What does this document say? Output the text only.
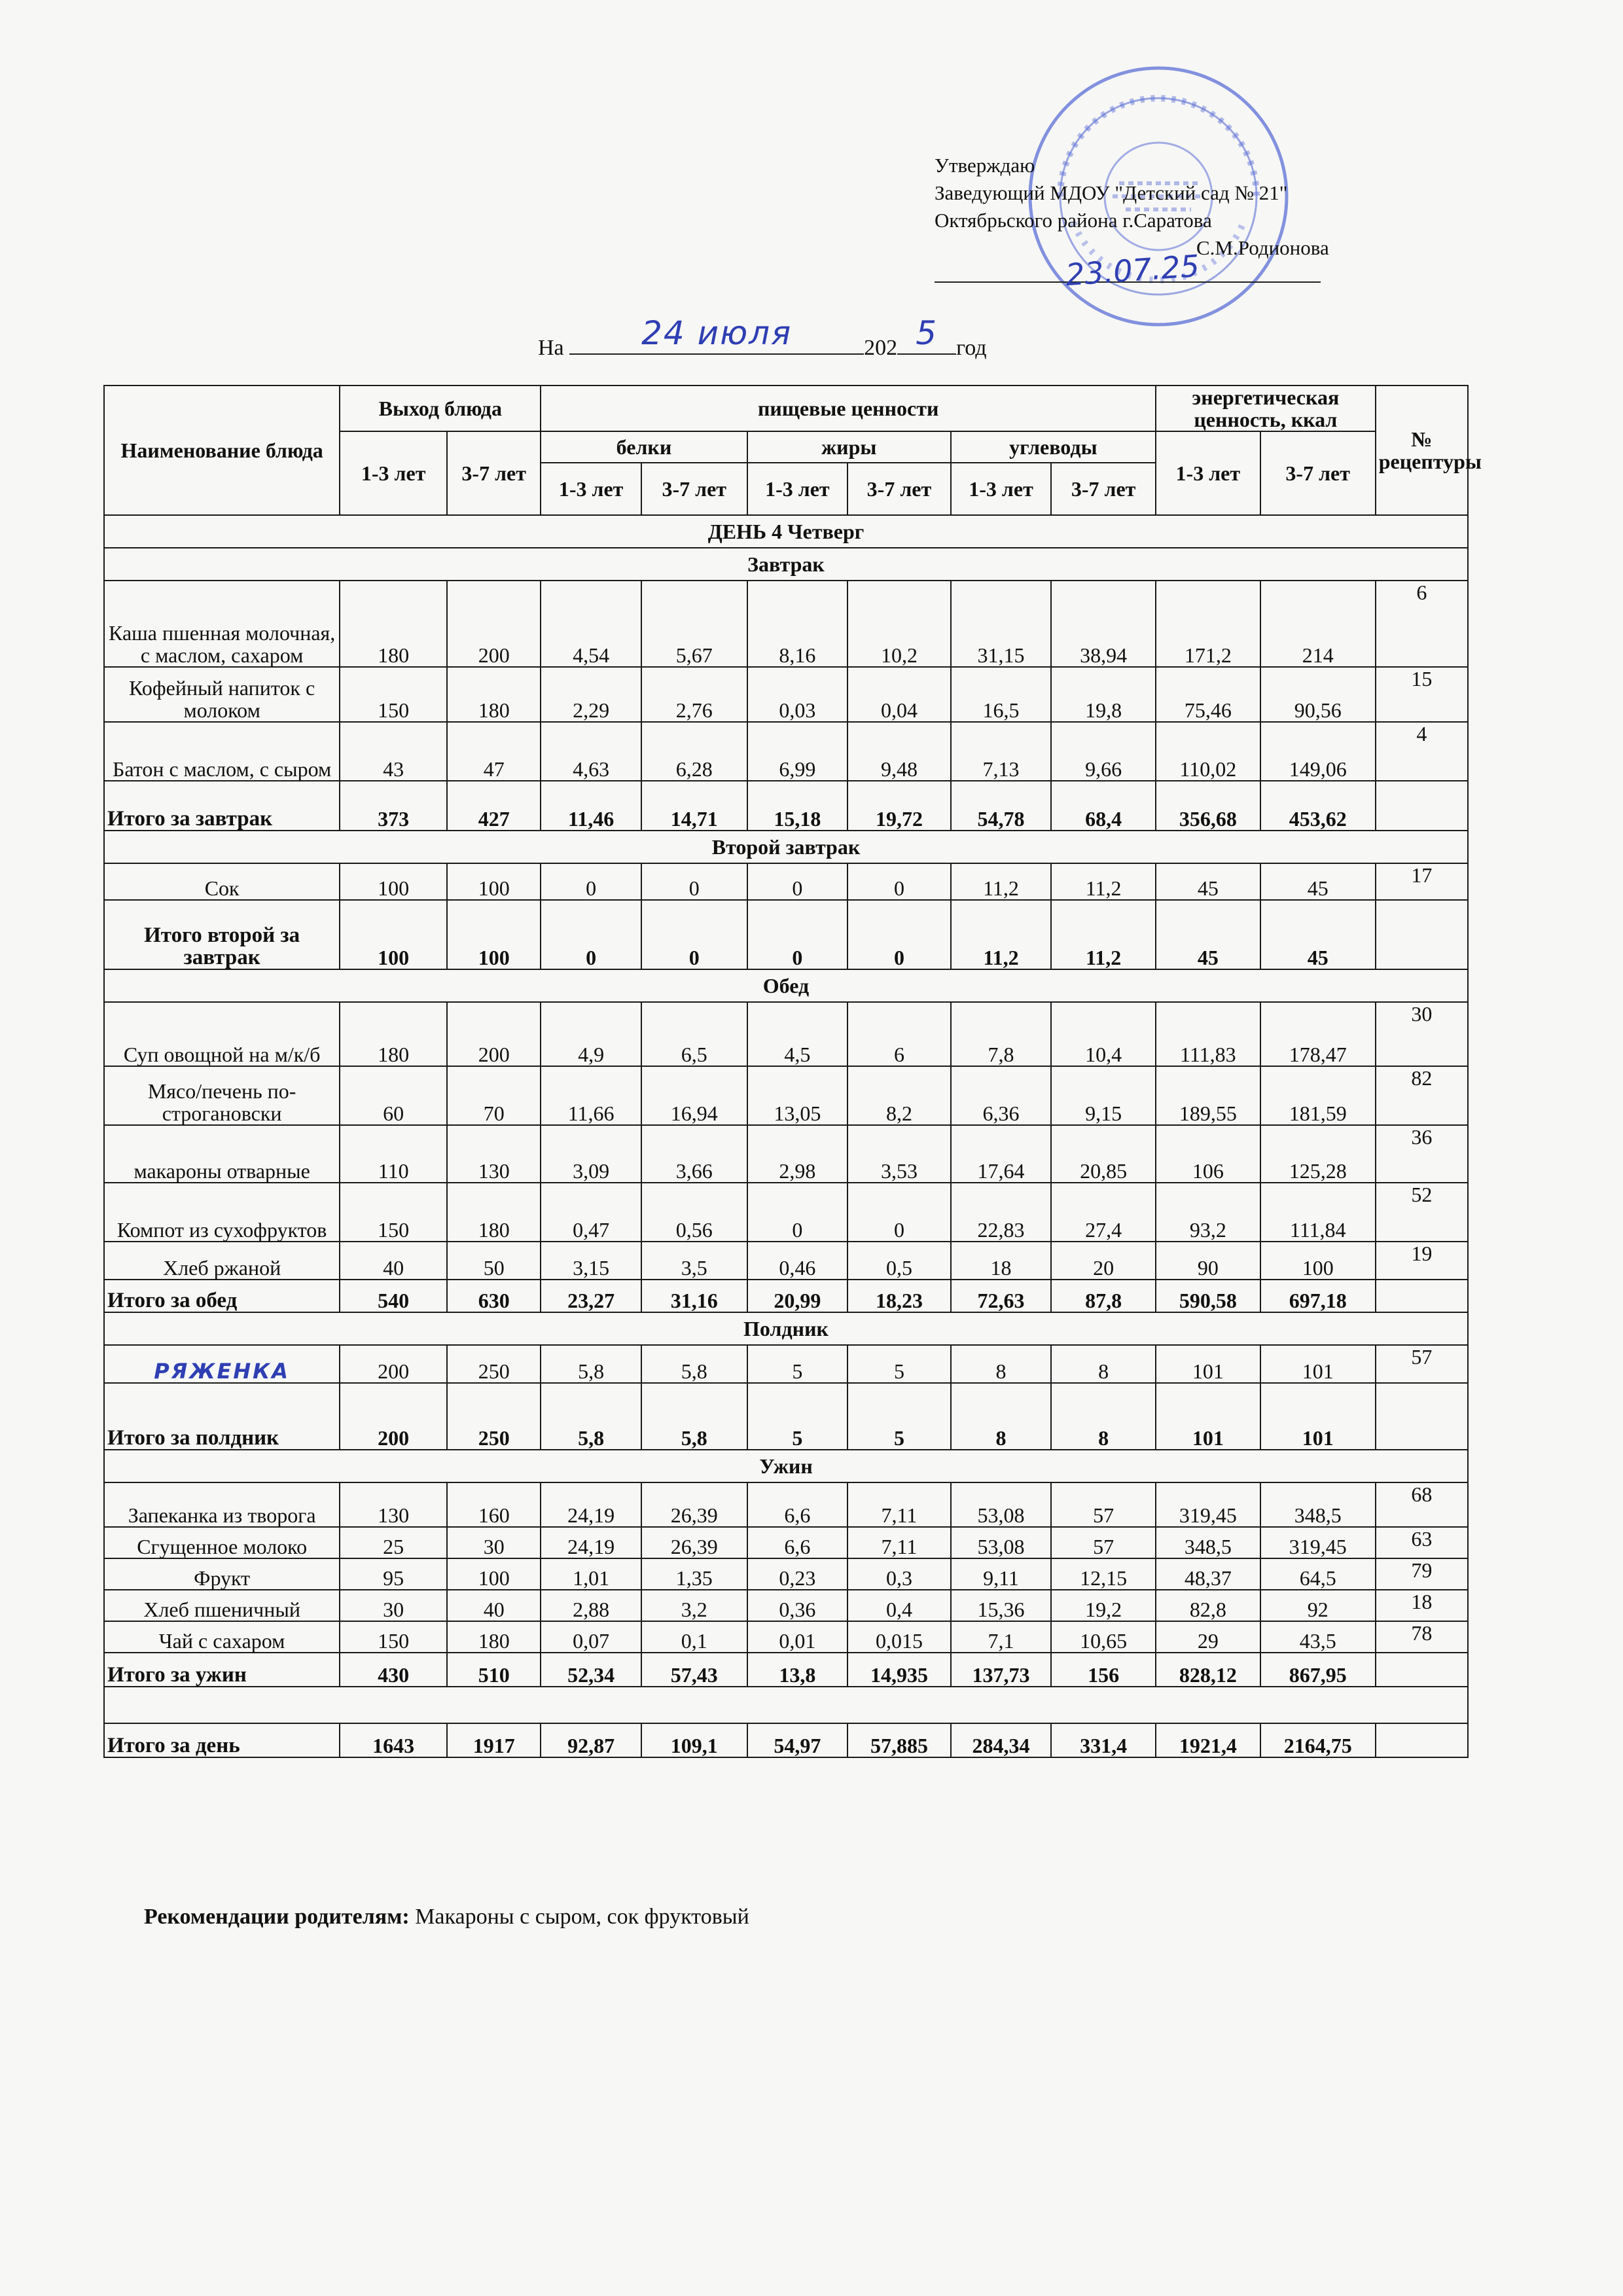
Утверждаю
Заведующий МДОУ "Детский сад № 21"
Октябрьского района г.Саратова
С.М.Родионова
23.07.25
На	24 июля	202 5 год
Наименование блюда	Выход блюда		пищевые ценности						энергетическая ценность, ккал		№ рецептуры
	1-3 лет	3-7 лет	белки		жиры		углеводы		1-3 лет	3-7 лет	
			1-3 лет	3-7 лет	1-3 лет	3-7 лет	1-3 лет	3-7 лет			
ДЕНЬ 4 Четверг											
Завтрак											
Каша пшенная молочная, с маслом, сахаром	180	200	4,54	5,67	8,16	10,2	31,15	38,94	171,2	214	6
Кофейный напиток с молоком	150	180	2,29	2,76	0,03	0,04	16,5	19,8	75,46	90,56	15
Батон с маслом, с сыром	43	47	4,63	6,28	6,99	9,48	7,13	9,66	110,02	149,06	4
Итого за завтрак	373	427	11,46	14,71	15,18	19,72	54,78	68,4	356,68	453,62	
Второй завтрак											
Сок	100	100	0	0	0	0	11,2	11,2	45	45	17
Итого второй за завтрак	100	100	0	0	0	0	11,2	11,2	45	45	
Обед											
Суп овощной на м/к/б	180	200	4,9	6,5	4,5	6	7,8	10,4	111,83	178,47	30
Мясо/печень по-строгановски	60	70	11,66	16,94	13,05	8,2	6,36	9,15	189,55	181,59	82
макароны отварные	110	130	3,09	3,66	2,98	3,53	17,64	20,85	106	125,28	36
Компот из сухофруктов	150	180	0,47	0,56	0	0	22,83	27,4	93,2	111,84	52
Хлеб ржаной	40	50	3,15	3,5	0,46	0,5	18	20	90	100	19
Итого за обед	540	630	23,27	31,16	20,99	18,23	72,63	87,8	590,58	697,18	
Полдник											
РЯЖЕНКА	200	250	5,8	5,8	5	5	8	8	101	101	57
Итого за полдник	200	250	5,8	5,8	5	5	8	8	101	101	
Ужин											
Запеканка из творога	130	160	24,19	26,39	6,6	7,11	53,08	57	319,45	348,5	68
Сгущенное молоко	25	30	24,19	26,39	6,6	7,11	53,08	57	348,5	319,45	63
Фрукт	95	100	1,01	1,35	0,23	0,3	9,11	12,15	48,37	64,5	79
Хлеб пшеничный	30	40	2,88	3,2	0,36	0,4	15,36	19,2	82,8	92	18
Чай с сахаром	150	180	0,07	0,1	0,01	0,015	7,1	10,65	29	43,5	78
Итого за ужин	430	510	52,34	57,43	13,8	14,935	137,73	156	828,12	867,95	

Итого за день	1643	1917	92,87	109,1	54,97	57,885	284,34	331,4	1921,4	2164,75	
Рекомендации родителям: Макароны с сыром, сок фруктовый
